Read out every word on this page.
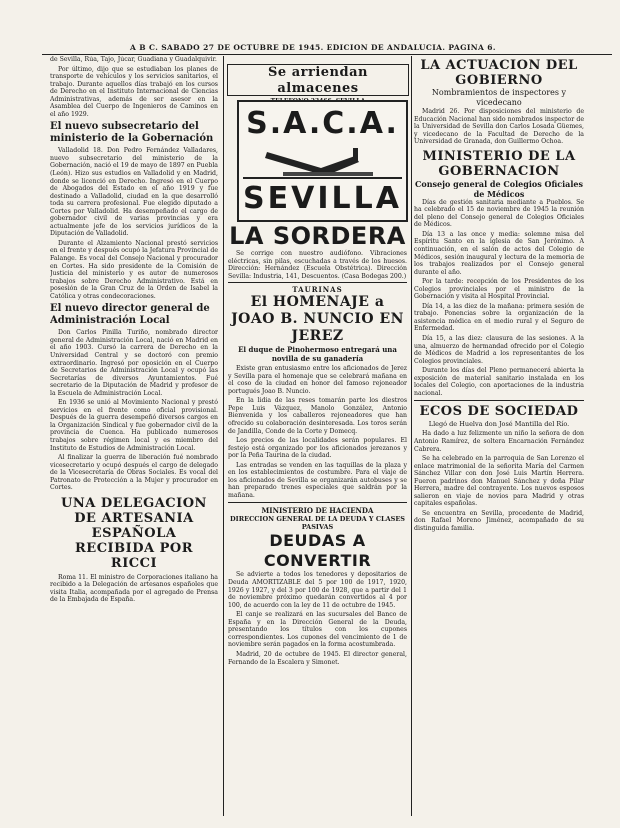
A B C. SABADO 27 DE OCTUBRE DE 1945. EDICION DE ANDALUCIA. PAGINA 6.

de Sevilla, Rúa, Tajo, Júcar, Guadiana y Guadalquivir.

Por último, dijo que se estudiaban los planes de transporte de vehículos y los servicios sanitarios, el trabajo. Durante aquellos días trabajó en los cursos de Derecho en el Instituto Internacional de Ciencias Administrativas, además de ser asesor en la Asamblea del Cuerpo de Ingenieros de Caminos en el año 1929.

El nuevo subsecretario del ministerio de la Gobernación

Valladolid 18. Don Pedro Fernández Valladares, nuevo subsecretario del ministerio de la Gobernación, nació el 19 de mayo de 1897 en Puebla (León). Hizo sus estudios en Valladolid y en Madrid, donde se licenció en Derecho. Ingresó en el Cuerpo de Abogados del Estado en el año 1919 y fue destinado a Valladolid, ciudad en la que desarrolló toda su carrera profesional. Fue elegido diputado a Cortes por Valladolid. Ha desempeñado el cargo de gobernador civil de varias provincias y era actualmente jefe de los servicios jurídicos de la Diputación de Valladolid.

Durante el Alzamiento Nacional prestó servicios en el frente y después ocupó la Jefatura Provincial de Falange. Es vocal del Consejo Nacional y procurador en Cortes. Ha sido presidente de la Comisión de Justicia del ministerio y es autor de numerosos trabajos sobre Derecho Administrativo. Está en posesión de la Gran Cruz de la Orden de Isabel la Católica y otras condecoraciones.

El nuevo director general de Administración Local

Don Carlos Pinilla Turiño, nombrado director general de Administración Local, nació en Madrid en el año 1903. Cursó la carrera de Derecho en la Universidad Central y se doctoró con premio extraordinario. Ingresó por oposición en el Cuerpo de Secretarios de Administración Local y ocupó las Secretarías de diversos Ayuntamientos. Fué secretario de la Diputación de Madrid y profesor de la Escuela de Administración Local.

En 1936 se unió al Movimiento Nacional y prestó servicios en el frente como oficial provisional. Después de la guerra desempeñó diversos cargos en la Organización Sindical y fue gobernador civil de la provincia de Cuenca. Ha publicado numerosos trabajos sobre régimen local y es miembro del Instituto de Estudios de Administración Local.

Al finalizar la guerra de liberación fué nombrado vicesecretario y ocupó después el cargo de delegado de la Vicesecretaría de Obras Sociales. Es vocal del Patronato de Protección a la Mujer y procurador en Cortes.

UNA DELEGACION DE ARTESANIA ESPAÑOLA RECIBIDA POR RICCI

Roma 11. El ministro de Corporaciones italiano ha recibido a la Delegación de artesanos españoles que visita Italia, acompañada por el agregado de Prensa de la Embajada de España.

Se arriendan almacenes
S.A.C.A.
SEVILLA
LA SORDERA

Se corrige con nuestro audiófono. Vibraciones eléctricas, sin pilas, escuchadas a través de los huesos. Dirección: Hernández (Escuela Obstétrica). Dirección Sevilla: Industria, 141, Descuentos. (Casa Bodegas 200.)

TAURINAS
El HOMENAJE a JOAO B. NUNCIO EN JEREZ
El duque de Pinohermoso entregará una novilla de su ganadería

Existe gran entusiasmo entre los aficionados de Jerez y Sevilla para el homenaje que se celebrará mañana en el coso de la ciudad en honor del famoso rejoneador portugués Joao B. Nuncio.

En la lidia de las reses tomarán parte los diestros Pepe Luis Vázquez, Manolo González, Antonio Bienvenida y los caballeros rejoneadores que han ofrecido su colaboración desinteresada. Los toros serán de Jandilla, Conde de la Corte y Domecq.

Los precios de las localidades serán populares. El festejo está organizado por los aficionados jerezanos y por la Peña Taurina de la ciudad.

Las entradas se venden en las taquillas de la plaza y en los establecimientos de costumbre. Para el viaje de los aficionados de Sevilla se organizarán autobuses y se han preparado trenes especiales que saldrán por la mañana.

MINISTERIO DE HACIENDA
DIRECCION GENERAL DE LA DEUDA Y CLASES PASIVAS
DEUDAS A CONVERTIR

Se advierte a todos los tenedores y depositarios de Deuda AMORTIZABLE del 5 por 100 de 1917, 1920, 1926 y 1927, y del 3 por 100 de 1928, que a partir del 1 de noviembre próximo quedarán convertidos al 4 por 100, de acuerdo con la ley de 11 de octubre de 1945.

El canje se realizará en las sucursales del Banco de España y en la Dirección General de la Deuda, presentando los títulos con los cupones correspondientes. Los cupones del vencimiento de 1 de noviembre serán pagados en la forma acostumbrada.

Madrid, 20 de octubre de 1945. El director general, Fernando de la Escalera y Simonet.

LA ACTUACION DEL GOBIERNO
Nombramientos de inspectores y vicedecano

Madrid 26. Por disposiciones del ministerio de Educación Nacional han sido nombrados inspector de la Universidad de Sevilla don Carlos Losada Güemes, y vicedecano de la Facultad de Derecho de la Universidad de Granada, don Guillermo Ochoa.

MINISTERIO DE LA GOBERNACION
Consejo general de Colegios Oficiales de Médicos

Días de gestión sanitaria mediante a Pueblos. Se ha celebrado el 15 de noviembre de 1945 la reunión del pleno del Consejo general de Colegios Oficiales de Médicos.

Día 13 a las once y media: solemne misa del Espíritu Santo en la iglesia de San Jerónimo. A continuación, en el salón de actos del Colegio de Médicos, sesión inaugural y lectura de la memoria de los trabajos realizados por el Consejo general durante el año.

Por la tarde: recepción de los Presidentes de los Colegios provinciales por el ministro de la Gobernación y visita al Hospital Provincial.

Día 14, a las diez de la mañana: primera sesión de trabajo. Ponencias sobre la organización de la asistencia médica en el medio rural y el Seguro de Enfermedad.

Día 15, a las diez: clausura de las sesiones. A la una, almuerzo de hermandad ofrecido por el Colegio de Médicos de Madrid a los representantes de los Colegios provinciales.

Durante los días del Pleno permanecerá abierta la exposición de material sanitario instalada en los locales del Colegio, con aportaciones de la industria nacional.

ECOS DE SOCIEDAD
Llegó de Huelva don José Mantilla del Río.

Ha dado a luz felizmente un niño la señora de don Antonio Ramírez, de soltera Encarnación Fernández Cabrera.

Se ha celebrado en la parroquia de San Lorenzo el enlace matrimonial de la señorita María del Carmen Sánchez Villar con don José Luis Martín Herrera. Fueron padrinos don Manuel Sánchez y doña Pilar Herrera, madre del contrayente. Los nuevos esposos salieron en viaje de novios para Madrid y otras capitales españolas.

Se encuentra en Sevilla, procedente de Madrid, don Rafael Moreno Jiménez, acompañado de su distinguida familia.
